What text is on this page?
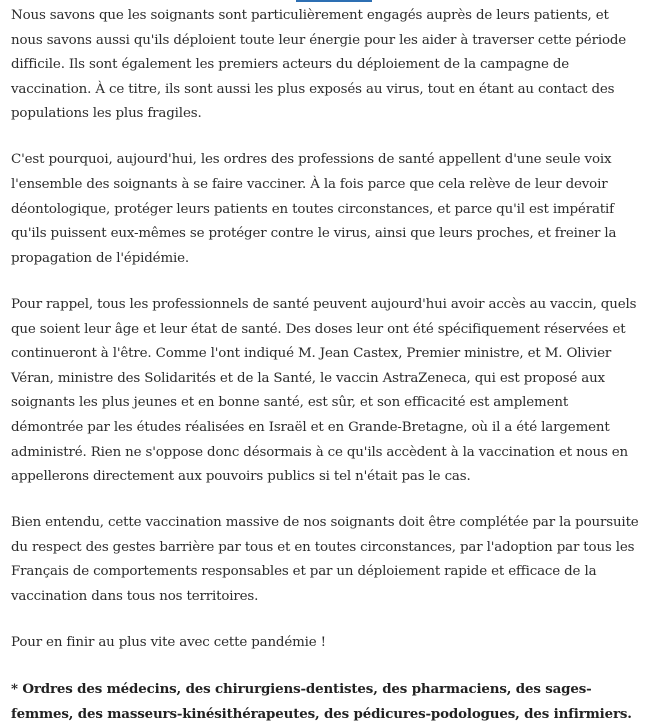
Nous savons que les soignants sont particulièrement engagés auprès de leurs patients, et nous savons aussi qu'ils déploient toute leur énergie pour les aider à traverser cette période difficile. Ils sont également les premiers acteurs du déploiement de la campagne de vaccination. À ce titre, ils sont aussi les plus exposés au virus, tout en étant au contact des populations les plus fragiles.

C'est pourquoi, aujourd'hui, les ordres des professions de santé appellent d'une seule voix l'ensemble des soignants à se faire vacciner. À la fois parce que cela relève de leur devoir déontologique, protéger leurs patients en toutes circonstances, et parce qu'il est impératif qu'ils puissent eux-mêmes se protéger contre le virus, ainsi que leurs proches, et freiner la propagation de l'épidémie.

Pour rappel, tous les professionnels de santé peuvent aujourd'hui avoir accès au vaccin, quels que soient leur âge et leur état de santé. Des doses leur ont été spécifiquement réservées et continueront à l'être. Comme l'ont indiqué M. Jean Castex, Premier ministre, et M. Olivier Véran, ministre des Solidarités et de la Santé, le vaccin AstraZeneca, qui est proposé aux soignants les plus jeunes et en bonne santé, est sûr, et son efficacité est amplement démontrée par les études réalisées en Israël et en Grande-Bretagne, où il a été largement administré. Rien ne s'oppose donc désormais à ce qu'ils accèdent à la vaccination et nous en appellerons directement aux pouvoirs publics si tel n'était pas le cas.

Bien entendu, cette vaccination massive de nos soignants doit être complétée par la poursuite du respect des gestes barrière par tous et en toutes circonstances, par l'adoption par tous les Français de comportements responsables et par un déploiement rapide et efficace de la vaccination dans tous nos territoires.

Pour en finir au plus vite avec cette pandémie !

* Ordres des médecins, des chirurgiens-dentistes, des pharmaciens, des sages-femmes, des masseurs-kinésithérapeutes, des pédicures-podologues, des infirmiers.
